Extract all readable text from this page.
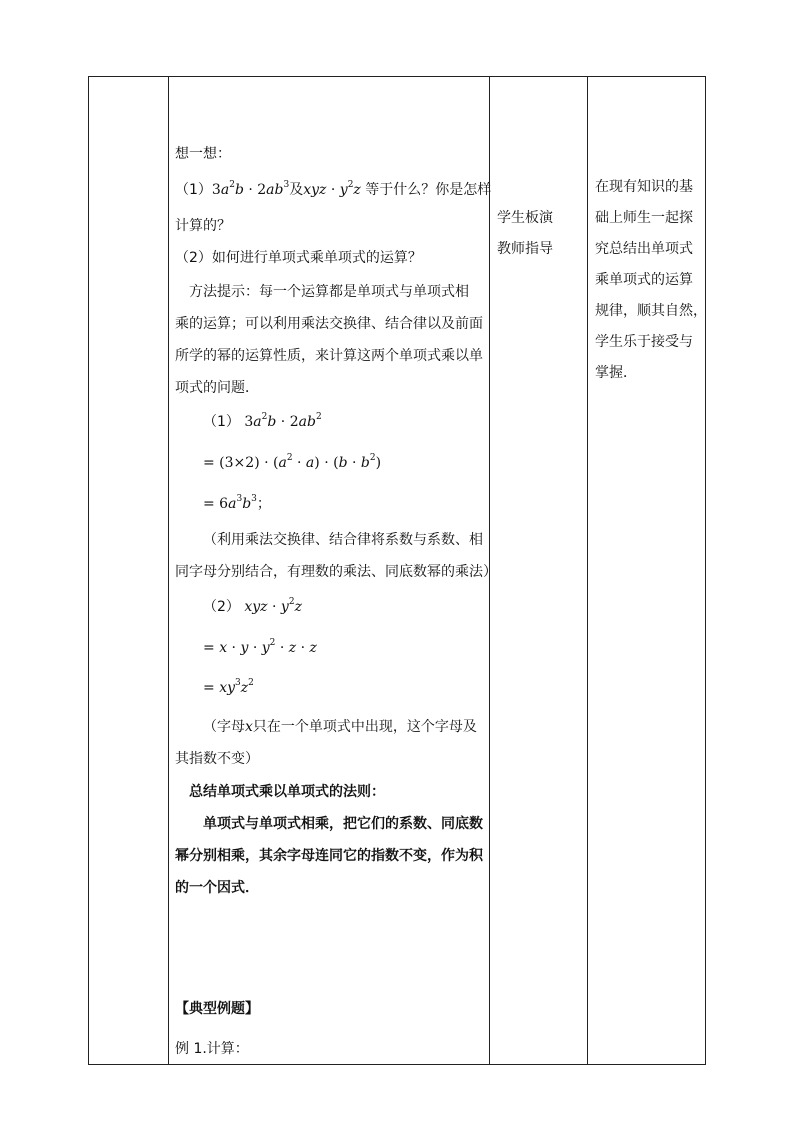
想一想：
$(1)3a^2b \cdot 2ab^3$及xyz · $y^2z$ 等于什么？你是怎样
计算的？
（2）如何进行单项式乘单项式的运算？
方法提示：每一个运算都是单项式与单项式相
乘的运算；可以利用乘法交换律、结合律以及前面
所学的幂的运算性质，来计算这两个单项式乘以单
项式的问题．
（1） $3a^2b \cdot 2ab^2$
= $(3\times 2) \cdot (a^2 \cdot a) \cdot (b \cdot b^2)$
= $6a^3b^3$；
（利用乘法交换律、结合律将系数与系数、相
同字母分别结合，有理数的乘法、同底数幂的乘法）
（2） xyz · $y^2z$
= $x \cdot y \cdot y^2 \cdot z \cdot z$
= $xy^3z^2$
（字母x只在一个单项式中出现，这个字母及
其指数不变）
总结单项式乘以单项式的法则：
单项式与单项式相乘，把它们的系数、同底数
幂分别相乘，其余字母连同它的指数不变，作为积
的一个因式．
【典型例题】
例 1.计算：
学生板演
教师指导
在现有知识的基
础上师生一起探
究总结出单项式
乘单项式的运算
规律，顺其自然，
学生乐于接受与
掌握．
